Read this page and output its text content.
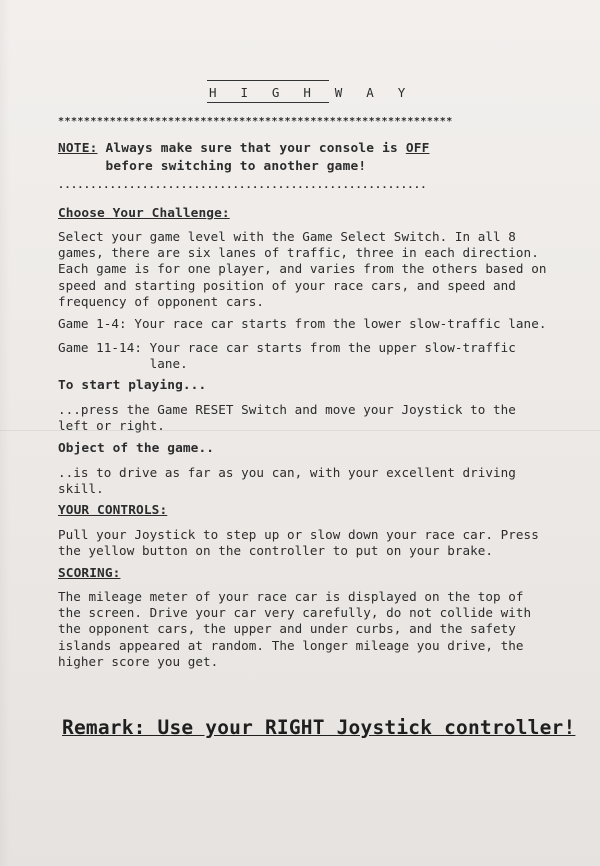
H I G H W A Y
*************************************************************
NOTE: Always make sure that your console is OFF
before switching to another game!
.........................................................
Choose Your Challenge:
Select your game level with the Game Select Switch. In all 8
games, there are six lanes of traffic, three in each direction.
Each game is for one player, and varies from the others based on
speed and starting position of your race cars, and speed and
frequency of opponent cars.
Game 1-4: Your race car starts from the lower slow-traffic lane.
Game 11-14: Your race car starts from the upper slow-traffic
lane.
To start playing...
...press the Game RESET Switch and move your Joystick to the
left or right.
Object of the game..
..is to drive as far as you can, with your excellent driving
skill.
YOUR CONTROLS:
Pull your Joystick to step up or slow down your race car. Press
the yellow button on the controller to put on your brake.
SCORING:
The mileage meter of your race car is displayed on the top of
the screen. Drive your car very carefully, do not collide with
the opponent cars, the upper and under curbs, and the safety
islands appeared at random. The longer mileage you drive, the
higher score you get.
Remark: Use your RIGHT Joystick controller!
